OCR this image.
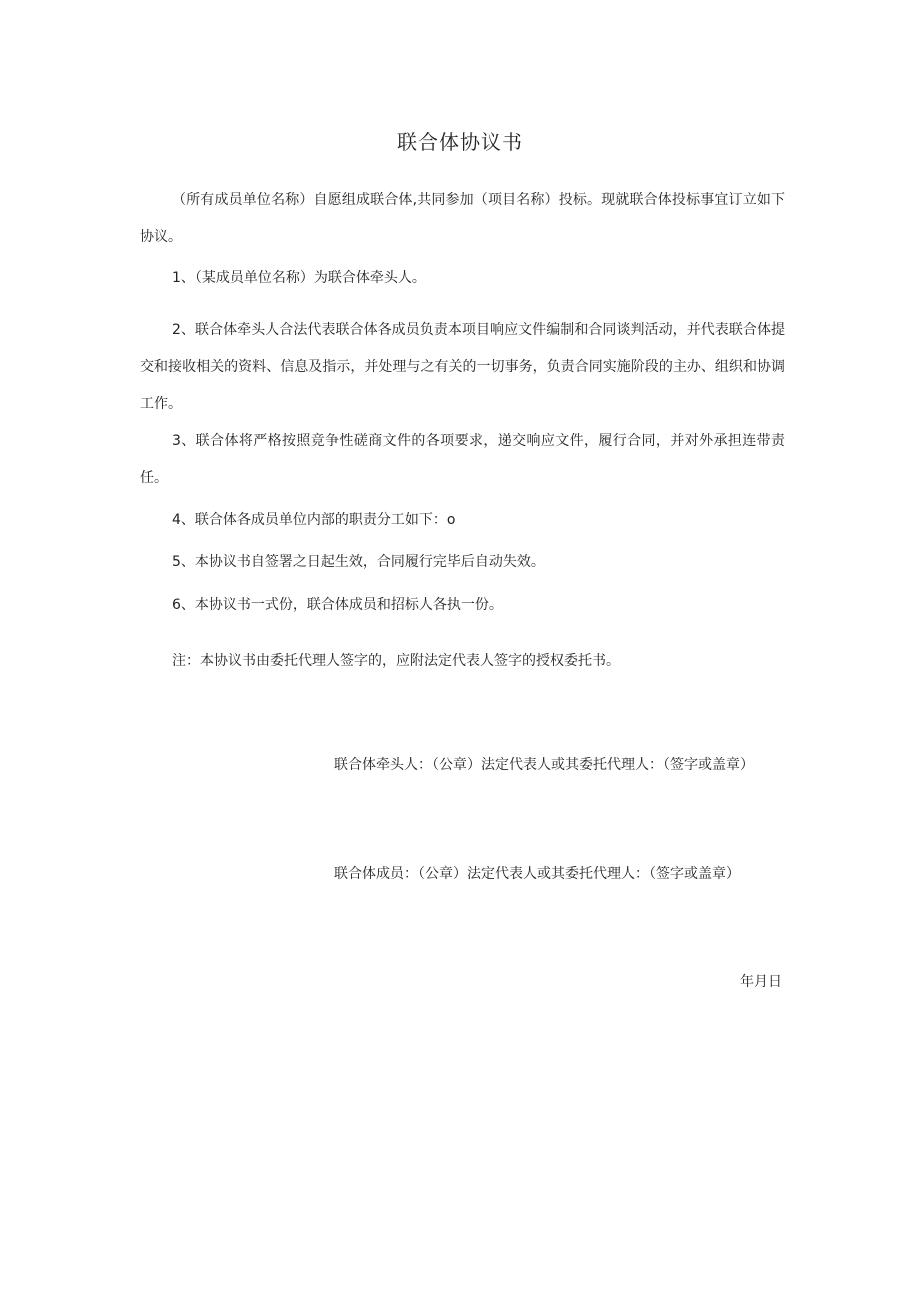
联合体协议书
（所有成员单位名称）自愿组成联合体,共同参加（项目名称）投标。现就联合体投标事宜订立如下协议。
1、（某成员单位名称）为联合体牵头人。
2、联合体牵头人合法代表联合体各成员负责本项目响应文件编制和合同谈判活动，并代表联合体提交和接收相关的资料、信息及指示，并处理与之有关的一切事务，负责合同实施阶段的主办、组织和协调工作。
3、联合体将严格按照竞争性磋商文件的各项要求，递交响应文件，履行合同，并对外承担连带责任。
4、联合体各成员单位内部的职责分工如下：o
5、本协议书自签署之日起生效，合同履行完毕后自动失效。
6、本协议书一式份，联合体成员和招标人各执一份。
注：本协议书由委托代理人签字的，应附法定代表人签字的授权委托书。
联合体牵头人：（公章）法定代表人或其委托代理人：（签字或盖章）
联合体成员：（公章）法定代表人或其委托代理人：（签字或盖章）
年月日
